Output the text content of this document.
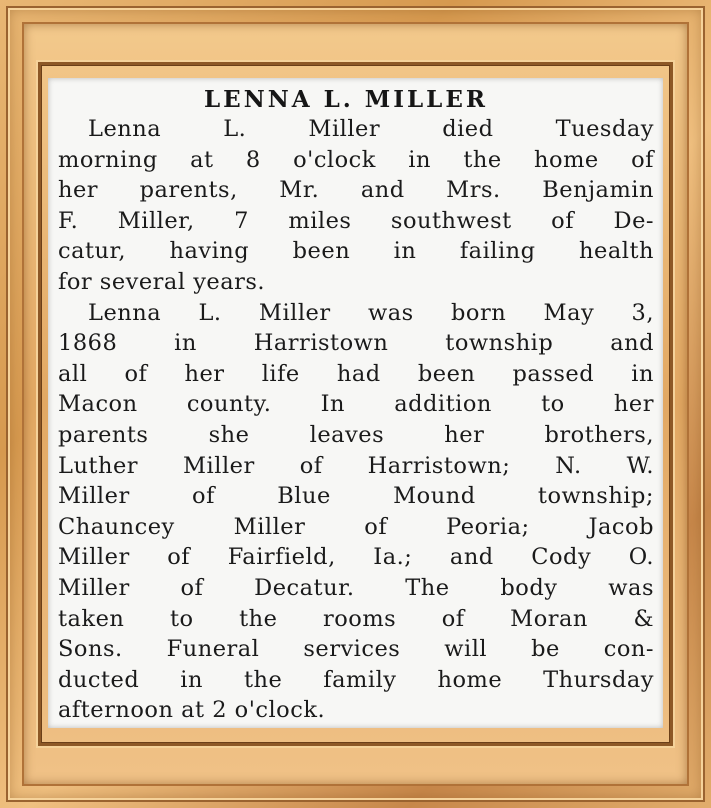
LENNA L. MILLER
Lenna L. Miller died Tuesday
morning at 8 o'clock in the home of
her parents, Mr. and Mrs. Benjamin
F. Miller, 7 miles southwest of De-
catur, having been in failing health
for several years.
Lenna L. Miller was born May 3,
1868 in Harristown township and
all of her life had been passed in
Macon county. In addition to her
parents she leaves her brothers,
Luther Miller of Harristown; N. W.
Miller of Blue Mound township;
Chauncey Miller of Peoria; Jacob
Miller of Fairfield, Ia.; and Cody O.
Miller of Decatur. The body was
taken to the rooms of Moran &
Sons. Funeral services will be con-
ducted in the family home Thursday
afternoon at 2 o'clock.
